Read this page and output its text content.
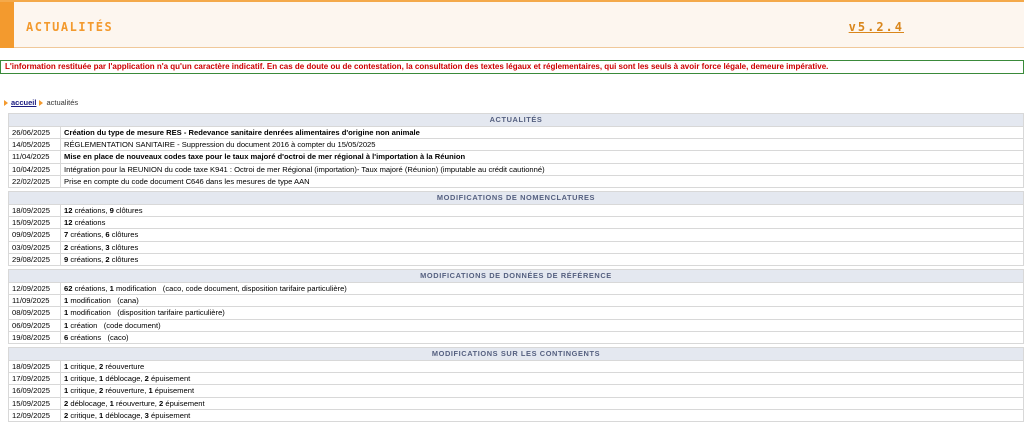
ACTUALITÉS	v5.2.4
L'information restituée par l'application n'a qu'un caractère indicatif. En cas de doute ou de contestation, la consultation des textes légaux et réglementaires, qui sont les seuls à avoir force légale, demeure impérative.
accueil actualités
ACTUALITÉS	
26/06/2025	Création du type de mesure RES - Redevance sanitaire denrées alimentaires d'origine non animale
14/05/2025	RÉGLEMENTATION SANITAIRE - Suppression du document 2016 à compter du 15/05/2025
11/04/2025	Mise en place de nouveaux codes taxe pour le taux majoré d'octroi de mer régional à l'importation à la Réunion
10/04/2025	Intégration pour la REUNION du code taxe K941 : Octroi de mer Régional (importation)- Taux majoré (Réunion) (imputable au crédit cautionné)
22/02/2025	Prise en compte du code document C646 dans les mesures de type AAN

MODIFICATIONS DE NOMENCLATURES	
18/09/2025	12 créations, 9 clôtures
15/09/2025	12 créations
09/09/2025	7 créations, 6 clôtures
03/09/2025	2 créations, 3 clôtures
29/08/2025	9 créations, 2 clôtures

MODIFICATIONS DE DONNÉES DE RÉFÉRENCE	
12/09/2025	62 créations, 1 modification   (caco, code document, disposition tarifaire particulière)
11/09/2025	1 modification   (cana)
08/09/2025	1 modification   (disposition tarifaire particulière)
06/09/2025	1 création   (code document)
19/08/2025	6 créations   (caco)

MODIFICATIONS SUR LES CONTINGENTS	
18/09/2025	1 critique, 2 réouverture
17/09/2025	1 critique, 1 déblocage, 2 épuisement
16/09/2025	1 critique, 2 réouverture, 1 épuisement
15/09/2025	2 déblocage, 1 réouverture, 2 épuisement
12/09/2025	2 critique, 1 déblocage, 3 épuisement
